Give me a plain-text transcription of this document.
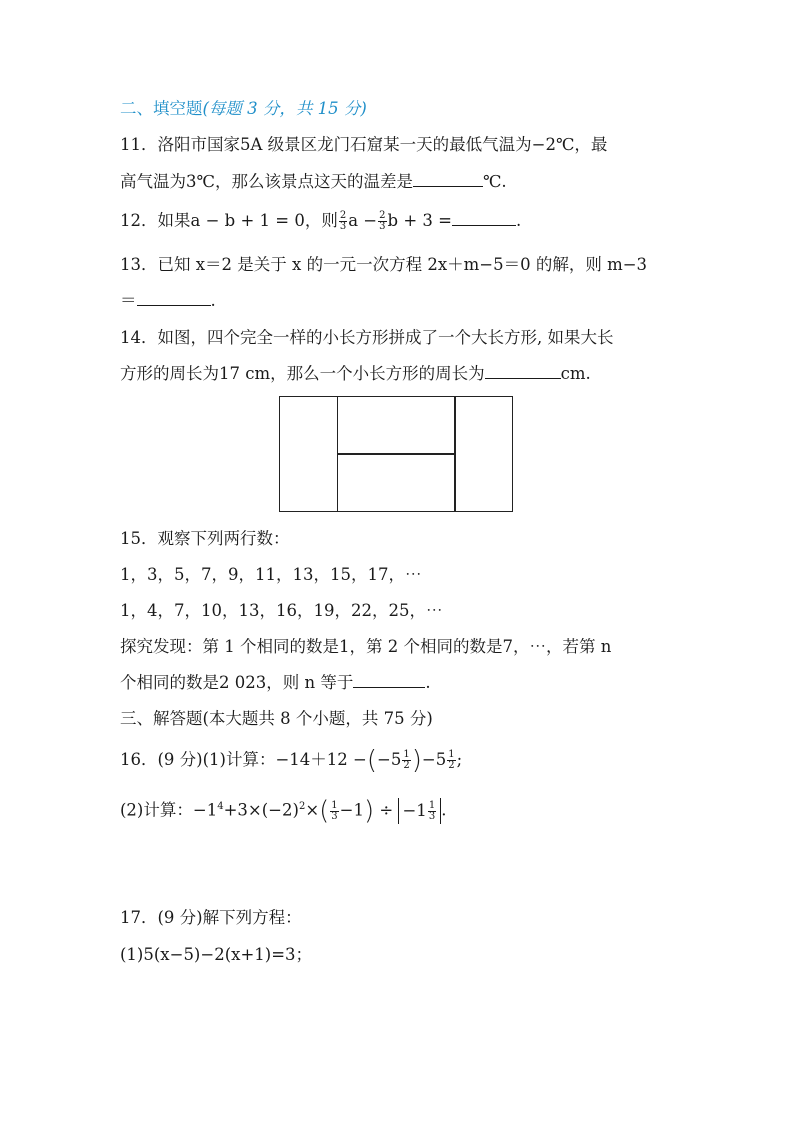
二、填空题(每题 3 分，共 15 分)
11．洛阳市国家5A 级景区龙门石窟某一天的最低气温为−2℃，最
高气温为3℃，那么该景点这天的温差是	℃.
12．如果a − b + 1 = 0，则 $\frac{2}{3}$ $a - \frac{2}{3}$ b + 3 =	.
13．已知 x＝2 是关于 x 的一元一次方程 2x＋m−5＝0 的解，则 m−3
＝	.
14．如图，四个完全一样的小长方形拼成了一个大长方形, 如果大长
方形的周长为17 cm，那么一个小长方形的周长为	cm.
15．观察下列两行数：
1，3，5，7，9，11，13，15，17，⋯
1，4，7，10，13，16，19，22，25，⋯
探究发现：第 1 个相同的数是1，第 2 个相同的数是7，⋯，若第 n
个相同的数是2 023，则 n 等于	.
三、解答题(本大题共 8 个小题，共 75 分)
16．(9 分)(1)计算：$-14+12 -(-5 \frac{1}{2} )-5 \frac{1}{2}$ ;
(2)计算：$-1^4+3\times(-2)^2\times( \frac{1}{3} -1) \div -1 \frac{1}{3}$ .
17．(9 分)解下列方程：
(1)5(x−5)−2(x+1)=3；
